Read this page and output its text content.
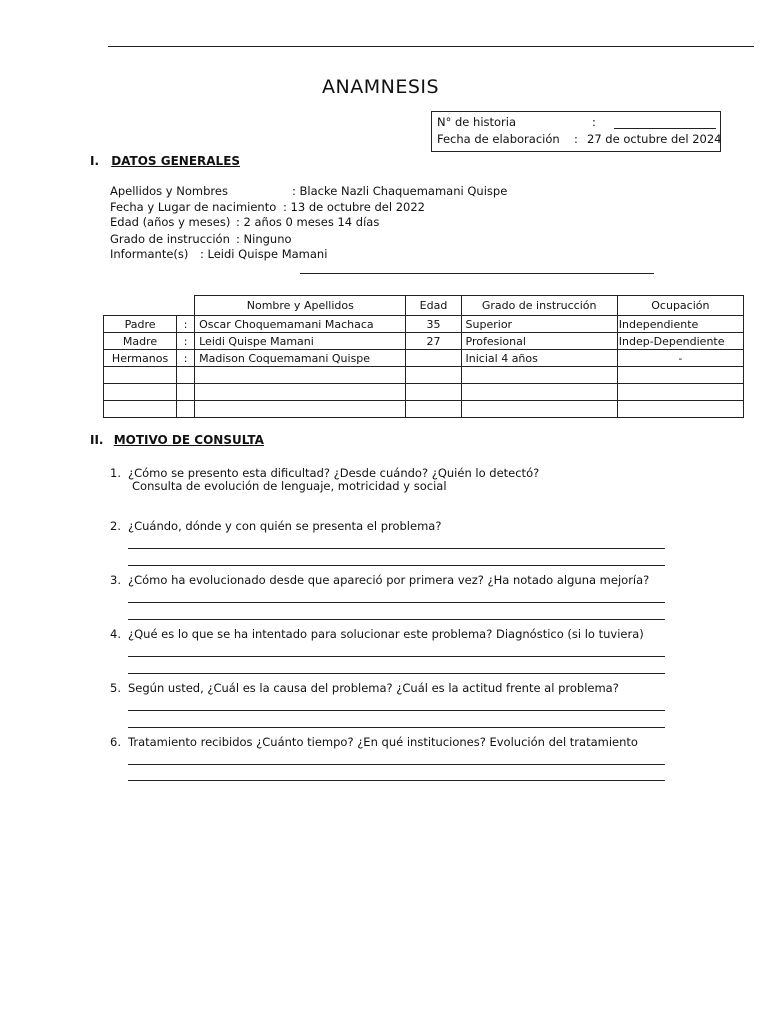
ANAMNESIS
N° de historia	:
Fecha de elaboración : 27 de octubre del 2024
I. DATOS GENERALES
Apellidos y Nombres	: Blacke Nazli Chaquemamani Quispe
Fecha y Lugar de nacimiento : 13 de octubre del 2022
Edad (años y meses) : 2 años 0 meses 14 días
Grado de instrucción : Ninguno
Informante(s) : Leidi Quispe Mamani
		Nombre y Apellidos	Edad	Grado de instrucción	Ocupación
Padre	:	Oscar Choquemamani Machaca	35	Superior	Independiente
Madre	:	Leidi Quispe Mamani	27	Profesional	Indep-Dependiente
Hermanos	:	Madison Coquemamani Quispe		Inicial 4 años	-

II. MOTIVO DE CONSULTA
1. ¿Cómo se presento esta dificultad? ¿Desde cuándo? ¿Quién lo detectó?
Consulta de evolución de lenguaje, motricidad y social
2. ¿Cuándo, dónde y con quién se presenta el problema?
3. ¿Cómo ha evolucionado desde que apareció por primera vez? ¿Ha notado alguna mejoría?
4. ¿Qué es lo que se ha intentado para solucionar este problema? Diagnóstico (si lo tuviera)
5. Según usted, ¿Cuál es la causa del problema? ¿Cuál es la actitud frente al problema?
6. Tratamiento recibidos ¿Cuánto tiempo? ¿En qué instituciones? Evolución del tratamiento
